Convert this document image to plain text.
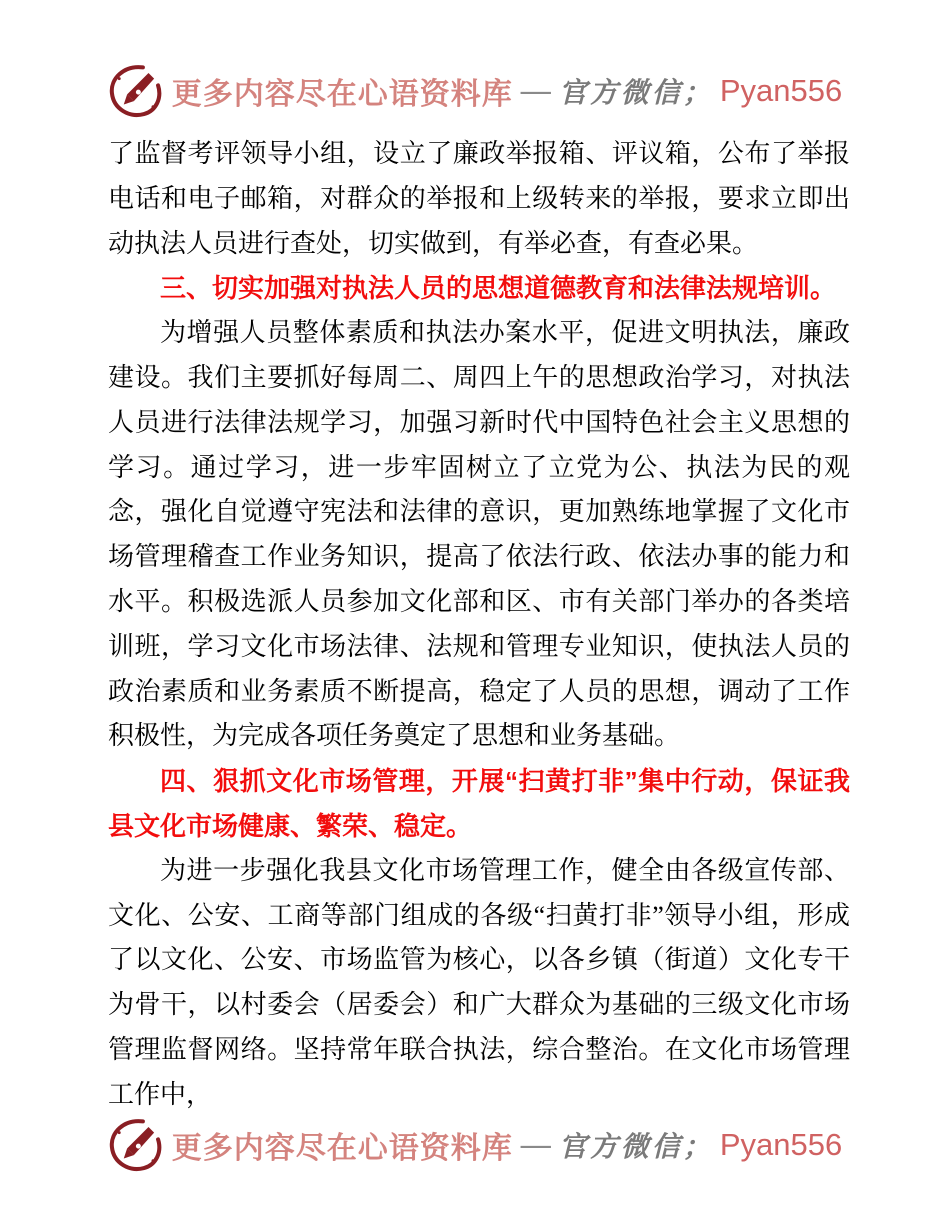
更多内容尽在心语资料库 — 官方微信； Pyan556

了监督考评领导小组，设立了廉政举报箱、评议箱，公布了举报电话和电子邮箱，对群众的举报和上级转来的举报，要求立即出动执法人员进行查处，切实做到，有举必查，有查必果。

三、切实加强对执法人员的思想道德教育和法律法规培训。

为增强人员整体素质和执法办案水平，促进文明执法，廉政建设。我们主要抓好每周二、周四上午的思想政治学习，对执法人员进行法律法规学习，加强习新时代中国特色社会主义思想的学习。通过学习，进一步牢固树立了立党为公、执法为民的观念，强化自觉遵守宪法和法律的意识，更加熟练地掌握了文化市场管理稽查工作业务知识，提高了依法行政、依法办事的能力和水平。积极选派人员参加文化部和区、市有关部门举办的各类培训班，学习文化市场法律、法规和管理专业知识，使执法人员的政治素质和业务素质不断提高，稳定了人员的思想，调动了工作积极性，为完成各项任务奠定了思想和业务基础。

四、狠抓文化市场管理，开展“扫黄打非”集中行动，保证我县文化市场健康、繁荣、稳定。

为进一步强化我县文化市场管理工作，健全由各级宣传部、文化、公安、工商等部门组成的各级“扫黄打非”领导小组，形成了以文化、公安、市场监管为核心，以各乡镇（街道）文化专干为骨干，以村委会（居委会）和广大群众为基础的三级文化市场管理监督网络。坚持常年联合执法，综合整治。在文化市场管理工作中，

更多内容尽在心语资料库 — 官方微信； Pyan556
